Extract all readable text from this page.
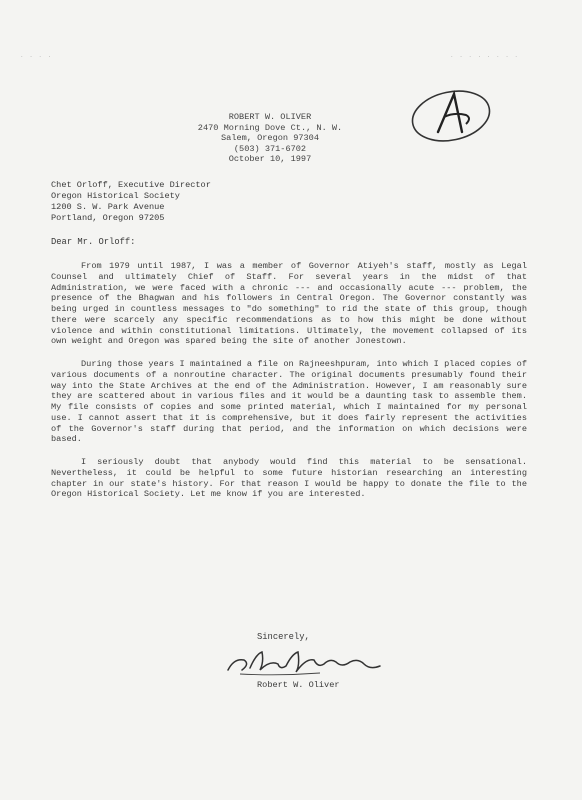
. . . .	. . . . . . . .
ROBERT W. OLIVER
2470 Morning Dove Ct., N. W.
Salem, Oregon 97304
(503) 371-6702
October 10, 1997
Chet Orloff, Executive Director
Oregon Historical Society
1200 S. W. Park Avenue
Portland, Oregon 97205
Dear Mr. Orloff:

From 1979 until 1987, I was a member of Governor Atiyeh's staff, mostly as Legal Counsel and ultimately Chief of Staff. For several years in the midst of that Administration, we were faced with a chronic --- and occasionally acute --- problem, the presence of the Bhagwan and his followers in Central Oregon. The Governor constantly was being urged in countless messages to "do something" to rid the state of this group, though there were scarcely any specific recommendations as to how this might be done without violence and within constitutional limitations. Ultimately, the movement collapsed of its own weight and Oregon was spared being the site of another Jonestown.

During those years I maintained a file on Rajneeshpuram, into which I placed copies of various documents of a nonroutine character. The original documents presumably found their way into the State Archives at the end of the Administration. However, I am reasonably sure they are scattered about in various files and it would be a daunting task to assemble them. My file consists of copies and some printed material, which I maintained for my personal use. I cannot assert that it is comprehensive, but it does fairly represent the activities of the Governor's staff during that period, and the information on which decisions were based.

I seriously doubt that anybody would find this material to be sensational. Nevertheless, it could be helpful to some future historian researching an interesting chapter in our state's history. For that reason I would be happy to donate the file to the Oregon Historical Society. Let me know if you are interested.

Sincerely,
Robert W. Oliver
